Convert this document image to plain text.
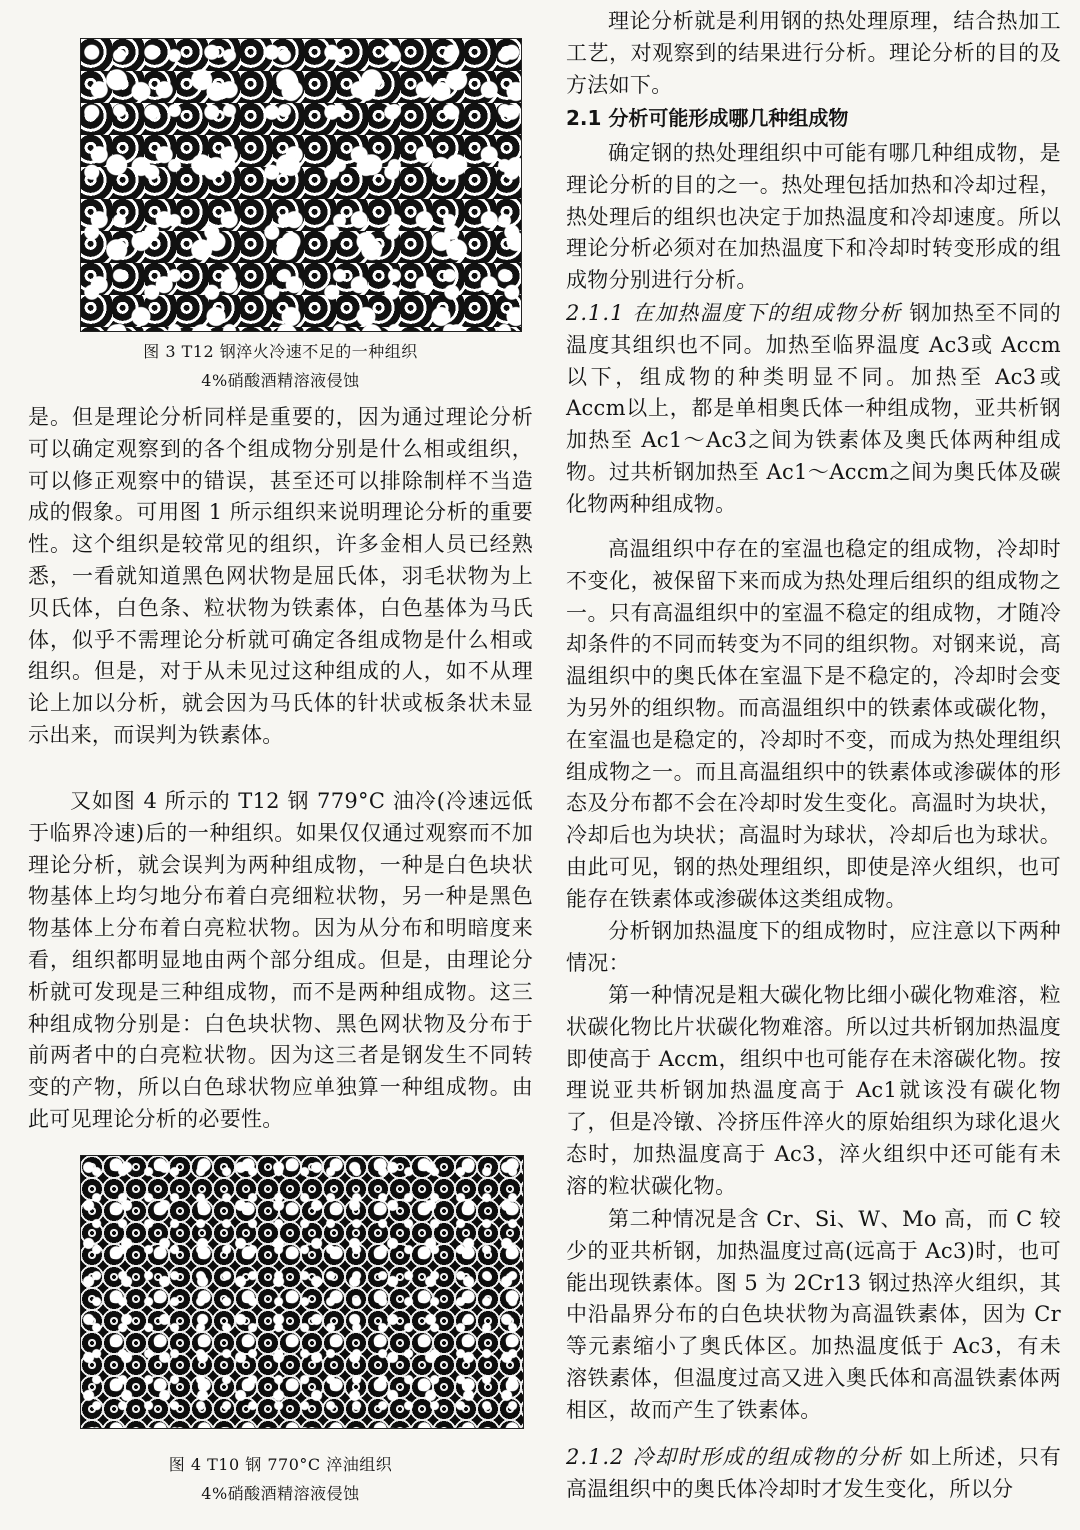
图 3 T12 钢淬火冷速不足的一种组织
4%硝酸酒精溶液侵蚀

是。但是理论分析同样是重要的，因为通过理论分析可以确定观察到的各个组成物分别是什么相或组织，可以修正观察中的错误，甚至还可以排除制样不当造成的假象。可用图 1 所示组织来说明理论分析的重要性。这个组织是较常见的组织，许多金相人员已经熟悉，一看就知道黑色网状物是屈氏体，羽毛状物为上贝氏体，白色条、粒状物为铁素体，白色基体为马氏体，似乎不需理论分析就可确定各组成物是什么相或组织。但是，对于从未见过这种组成的人，如不从理论上加以分析，就会因为马氏体的针状或板条状未显示出来，而误判为铁素体。

又如图 4 所示的 T12 钢 779°C 油冷(冷速远低于临界冷速)后的一种组织。如果仅仅通过观察而不加理论分析，就会误判为两种组成物，一种是白色块状物基体上均匀地分布着白亮细粒状物，另一种是黑色物基体上分布着白亮粒状物。因为从分布和明暗度来看，组织都明显地由两个部分组成。但是，由理论分析就可发现是三种组成物，而不是两种组成物。这三种组成物分别是：白色块状物、黑色网状物及分布于前两者中的白亮粒状物。因为这三者是钢发生不同转变的产物，所以白色球状物应单独算一种组成物。由此可见理论分析的必要性。

图 4 T10 钢 770°C 淬油组织
4%硝酸酒精溶液侵蚀

理论分析就是利用钢的热处理原理，结合热加工工艺，对观察到的结果进行分析。理论分析的目的及方法如下。

2.1 分析可能形成哪几种组成物

确定钢的热处理组织中可能有哪几种组成物，是理论分析的目的之一。热处理包括加热和冷却过程，热处理后的组织也决定于加热温度和冷却速度。所以理论分析必须对在加热温度下和冷却时转变形成的组成物分别进行分析。

2.1.1 在加热温度下的组成物分析 钢加热至不同的温度其组织也不同。加热至临界温度 Ac3或 Accm以下，组成物的种类明显不同。加热至 Ac3或 Accm以上，都是单相奥氏体一种组成物，亚共析钢加热至 Ac1～Ac3之间为铁素体及奥氏体两种组成物。过共析钢加热至 Ac1～Accm之间为奥氏体及碳化物两种组成物。

高温组织中存在的室温也稳定的组成物，冷却时不变化，被保留下来而成为热处理后组织的组成物之一。只有高温组织中的室温不稳定的组成物，才随冷却条件的不同而转变为不同的组织物。对钢来说，高温组织中的奥氏体在室温下是不稳定的，冷却时会变为另外的组织物。而高温组织中的铁素体或碳化物，在室温也是稳定的，冷却时不变，而成为热处理组织组成物之一。而且高温组织中的铁素体或渗碳体的形态及分布都不会在冷却时发生变化。高温时为块状，冷却后也为块状；高温时为球状，冷却后也为球状。由此可见，钢的热处理组织，即使是淬火组织，也可能存在铁素体或渗碳体这类组成物。

分析钢加热温度下的组成物时，应注意以下两种情况：

第一种情况是粗大碳化物比细小碳化物难溶，粒状碳化物比片状碳化物难溶。所以过共析钢加热温度即使高于 Accm，组织中也可能存在未溶碳化物。按理说亚共析钢加热温度高于 Ac1就该没有碳化物了，但是冷镦、冷挤压件淬火的原始组织为球化退火态时，加热温度高于 Ac3，淬火组织中还可能有未溶的粒状碳化物。

第二种情况是含 Cr、Si、W、Mo 高，而 C 较少的亚共析钢，加热温度过高(远高于 Ac3)时，也可能出现铁素体。图 5 为 2Cr13 钢过热淬火组织，其中沿晶界分布的白色块状物为高温铁素体，因为 Cr 等元素缩小了奥氏体区。加热温度低于 Ac3，有未溶铁素体，但温度过高又进入奥氏体和高温铁素体两相区，故而产生了铁素体。

2.1.2 冷却时形成的组成物的分析 如上所述，只有高温组织中的奥氏体冷却时才发生变化，所以分
